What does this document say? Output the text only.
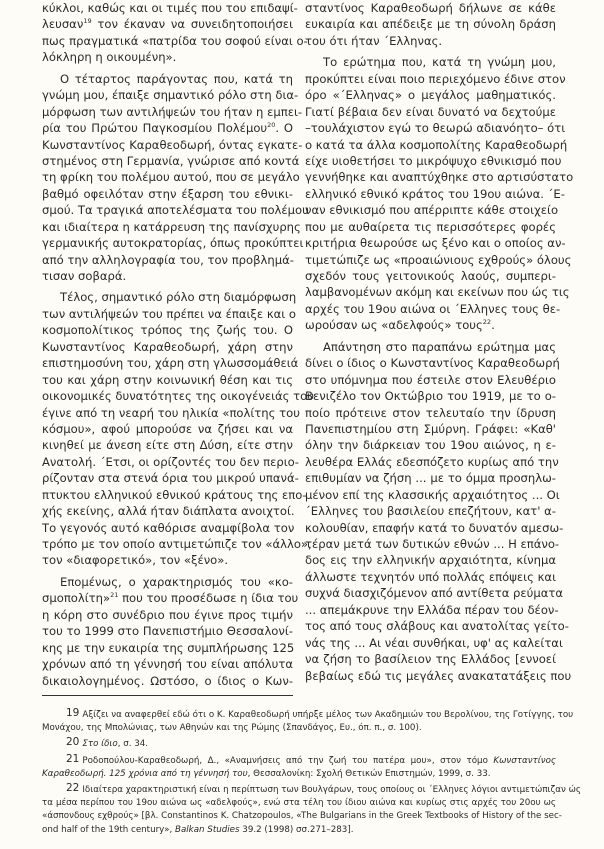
κύκλοι, καθώς και οι τιμές που του επιδαψί-
λευσαν$^{19}$ τον έκαναν να συνειδητοποιήσει
πως πραγματικά «πατρίδα του σοφού είναι ο-
λόκληρη η οικουμένη».
Ο τέταρτος παράγοντας που, κατά τη
γνώμη μου, έπαιξε σημαντικό ρόλο στη δια-
μόρφωση των αντιλήψεών του ήταν η εμπει-
ρία του Πρώτου Παγκοσμίου Πολέμου$^{20}$. Ο
Κωνσταντίνος Καραθεοδωρή, όντας εγκατε-
στημένος στη Γερμανία, γνώρισε από κοντά
τη φρίκη του πολέμου αυτού, που σε μεγάλο
βαθμό οφειλόταν στην έξαρση του εθνικι-
σμού. Τα τραγικά αποτελέσματα του πολέμου
και ιδιαίτερα η κατάρρευση της πανίσχυρης
γερμανικής αυτοκρατορίας, όπως προκύπτει
από την αλληλογραφία του, τον προβλημά-
τισαν σοβαρά.
Τέλος, σημαντικό ρόλο στη διαμόρφωση
των αντιλήψεών του πρέπει να έπαιξε και ο
κοσμοπολίτικος τρόπος της ζωής του. Ο
Κωνσταντίνος Καραθεοδωρή, χάρη στην
επιστημοσύνη του, χάρη στη γλωσσομάθειά
του και χάρη στην κοινωνική θέση και τις
οικονομικές δυνατότητες της οικογένειάς του
έγινε από τη νεαρή του ηλικία «πολίτης του
κόσμου», αφού μπορούσε να ζήσει και να
κινηθεί με άνεση είτε στη Δύση, είτε στην
Ανατολή. ΄Ετσι, οι ορίζοντές του δεν περιο-
ρίζονταν στα στενά όρια του μικρού υπανά-
πτυκτου ελληνικού εθνικού κράτους της επο-
χής εκείνης, αλλά ήταν διάπλατα ανοιχτοί.
Το γεγονός αυτό καθόρισε αναμφίβολα τον
τρόπο με τον οποίο αντιμετώπιζε τον «άλλο»,
τον «διαφορετικό», τον «ξένο».
Επομένως, ο χαρακτηρισμός του «κο-
σμοπολίτη»$^{21}$ που του προσέδωσε η ίδια του
η κόρη στο συνέδριο που έγινε προς τιμήν
του το 1999 στο Πανεπιστήμιο Θεσσαλονί-
κης με την ευκαιρία της συμπλήρωσης 125
χρόνων από τη γέννησή του είναι απόλυτα
δικαιολογημένος. Ωστόσο, ο ίδιος ο Κων-
σταντίνος Καραθεοδωρή δήλωνε σε κάθε
ευκαιρία και απέδειξε με τη σύνολη δράση
του ότι ήταν ΄Ελληνας.
Το ερώτημα που, κατά τη γνώμη μου,
προκύπτει είναι ποιο περιεχόμενο έδινε στον
όρο «΄Ελληνας» ο μεγάλος μαθηματικός.
Γιατί βέβαια δεν είναι δυνατό να δεχτούμε
–τουλάχιστον εγώ το θεωρώ αδιανόητο– ότι
ο κατά τα άλλα κοσμοπολίτης Καραθεοδωρή
είχε υιοθετήσει το μικρόψυχο εθνικισμό που
γεννήθηκε και αναπτύχθηκε στο αρτισύστατο
ελληνικό εθνικό κράτος του 19ου αιώνα. ΄Ε-
ναν εθνικισμό που απέρριπτε κάθε στοιχείο
που με αυθαίρετα τις περισσότερες φορές
κριτήρια θεωρούσε ως ξένο και ο οποίος αν-
τιμετώπιζε ως «προαιώνιους εχθρούς» όλους
σχεδόν τους γειτονικούς λαούς, συμπερι-
λαμβανομένων ακόμη και εκείνων που ώς τις
αρχές του 19ου αιώνα οι ΄Ελληνες τους θε-
ωρούσαν ως «αδελφούς» τους$^{22}$.
Απάντηση στο παραπάνω ερώτημα μας
δίνει ο ίδιος ο Κωνσταντίνος Καραθεοδωρή
στο υπόμνημα που έστειλε στον Ελευθέριο
Βενιζέλο τον Οκτώβριο του 1919, με το ο-
ποίο πρότεινε στον τελευταίο την ίδρυση
Πανεπιστημίου στη Σμύρνη. Γράφει: «Καθ'
όλην την διάρκειαν του 19ου αιώνος, η ε-
λευθέρα Ελλάς εδεσπόζετο κυρίως από την
επιθυμίαν να ζήση ... με το όμμα προσηλω-
μένον επί της κλασσικής αρχαιότητος ... Οι
΄Ελληνες του βασιλείου επεζήτουν, κατ' α-
κολουθίαν, επαφήν κατά το δυνατόν αμεσω-
τέραν μετά των δυτικών εθνών ... Η επάνο-
δος εις την ελληνικήν αρχαιότητα, κίνημα
άλλωστε τεχνητόν υπό πολλάς επόψεις και
συχνά διασχιζόμενον από αντίθετα ρεύματα
... απεμάκρυνε την Ελλάδα πέραν του δέον-
τος από τους σλάβους και ανατολίτας γείτο-
νάς της ... Αι νέαι συνθήκαι, υφ' ας καλείται
να ζήση το βασίλειον της Ελλάδος [εννοεί
βεβαίως εδώ τις μεγάλες ανακατατάξεις που
19 Αξίζει να αναφερθεί εδώ ότι ο Κ. Καραθεοδωρή υπήρξε μέλος των Ακαδημιών του Βερολίνου, της Γοτίγγης, του
Μονάχου, της Μπολώνιας, των Αθηνών και της Ρώμης (Σπανδάγος, Ευ., όπ. π., σ. 100).
20 Στο ίδιο, σ. 34.
21 Ροδοπούλου-Καραθεοδωρή, Δ., «Αναμνήσεις από την ζωή του πατέρα μου», στον τόμο Κωνσταντίνος
Καραθεοδωρή. 125 χρόνια από τη γέννησή του, Θεσσαλονίκη: Σχολή Θετικών Επιστημών, 1999, σ. 33.
22 Ιδιαίτερα χαρακτηριστική είναι η περίπτωση των Βουλγάρων, τους οποίους οι ΄Ελληνες λόγιοι αντιμετώπιζαν ώς
τα μέσα περίπου του 19ου αιώνα ως «αδελφούς», ενώ στα τέλη του ίδιου αιώνα και κυρίως στις αρχές του 20ου ως
«άσπονδους εχθρούς» [βλ. Constantinos K. Chatzopoulos, «The Bulgarians in the Greek Textbooks of History of the sec-
ond half of the 19th century», Balkan Studies 39.2 (1998) σσ.271–283].
